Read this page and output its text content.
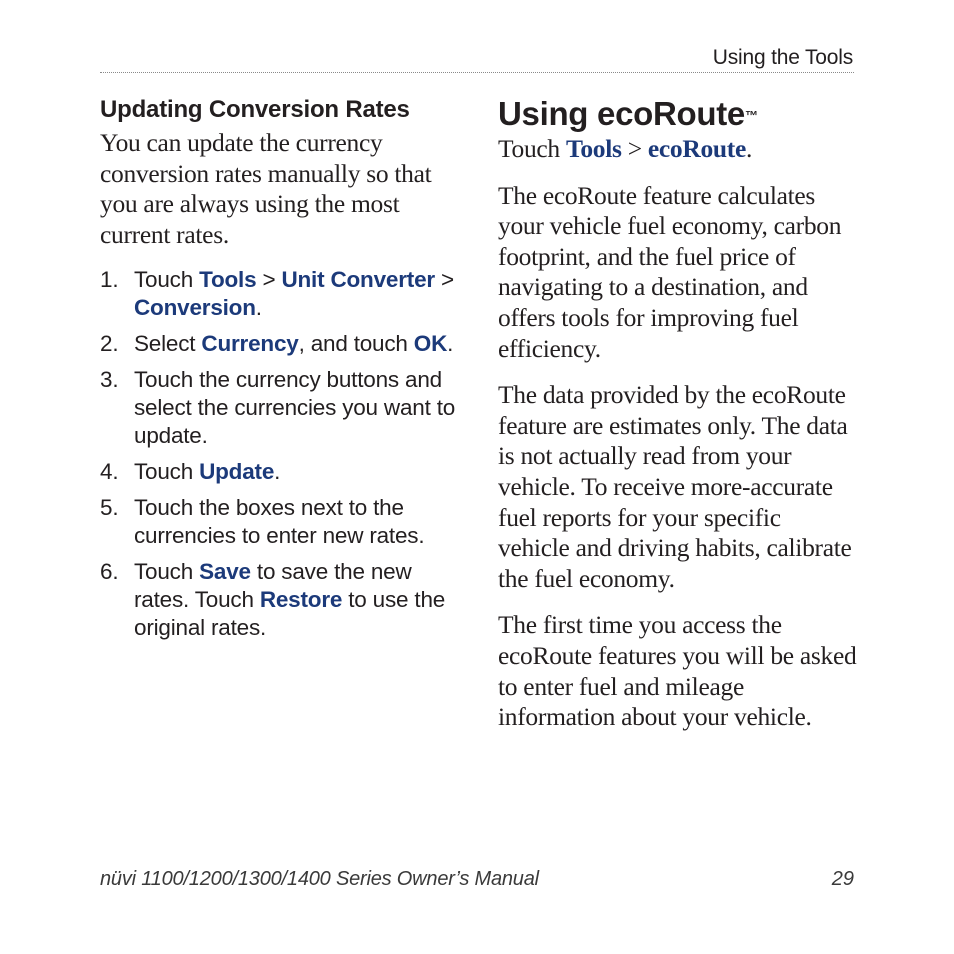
Using the Tools
Updating Conversion Rates

You can update the currency conversion rates manually so that you are always using the most current rates.

1. Touch Tools > Unit Converter > Conversion.
2. Select Currency, and touch OK.
3. Touch the currency buttons and select the currencies you want to update.
4. Touch Update.
5. Touch the boxes next to the currencies to enter new rates.
6. Touch Save to save the new rates. Touch Restore to use the original rates.
Using ecoRoute™

Touch Tools > ecoRoute.

The ecoRoute feature calculates your vehicle fuel economy, carbon footprint, and the fuel price of navigating to a destination, and offers tools for improving fuel efficiency.

The data provided by the ecoRoute feature are estimates only. The data is not actually read from your vehicle. To receive more-accurate fuel reports for your specific vehicle and driving habits, calibrate the fuel economy.

The first time you access the ecoRoute features you will be asked to enter fuel and mileage information about your vehicle.

nüvi 1100/1200/1300/1400 Series Owner’s Manual	29
